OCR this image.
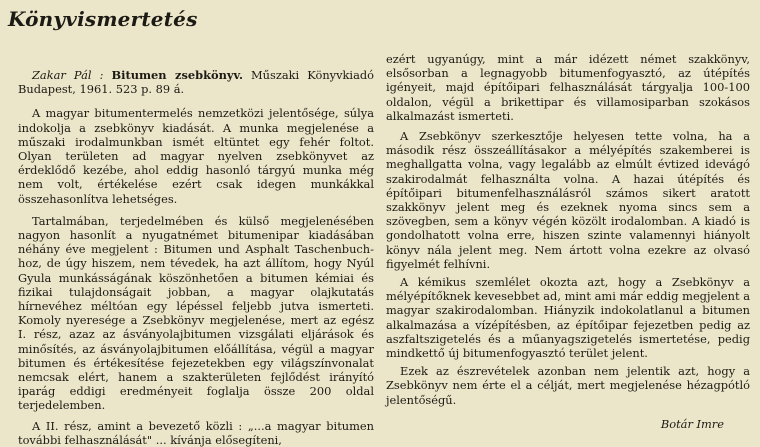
Könyvismertetés

Zakar Pál : Bitumen zsebkönyv. Műszaki Könyvkiadó Budapest, 1961. 523 p. 89 á.

A magyar bitumentermelés nemzetközi jelentősége, súlya indokolja a zsebkönyv kiadását. A munka megjelenése a műszaki irodalmunkban ismét eltüntet egy fehér foltot. Olyan területen ad magyar nyelven zsebkönyvet az érdeklődő kezébe, ahol eddig hasonló tárgyú munka még nem volt, értékelése ezért csak idegen munkákkal összehasonlítva lehetséges.

Tartalmában, terjedelmében és külső megjelenésében nagyon hasonlít a nyugatnémet bitumenipar kiadásában néhány éve megjelent : Bitumen und Asphalt Taschenbuch-hoz, de úgy hiszem, nem tévedek, ha azt állítom, hogy Nyúl Gyula munkásságának köszönhetően a bitumen kémiai és fizikai tulajdonságait jobban, a magyar olajkutatás hírnevéhez méltóan egy lépéssel feljebb jutva ismerteti. Komoly nyeresége a Zsebkönyv megjelenése, mert az egész I. rész, azaz az ásványolajbitumen vizsgálati eljárások és minősítés, az ásványolajbitumen előállítása, végül a magyar bitumen és értékesítése fejezetekben egy világszínvonalat nemcsak elért, hanem a szakterületen fejlődést irányító iparág eddigi eredményeit foglalja össze 200 oldal terjedelemben.

A II. rész, amint a bevezető közli : „...a magyar bitumen további felhasználását" ... kívánja elősegíteni,

ezért ugyanúgy, mint a már idézett német szakkönyv, elsősorban a legnagyobb bitumenfogyasztó, az útépítés igényeit, majd építőipari felhasználását tárgyalja 100-100 oldalon, végül a brikettipar és villamosiparban szokásos alkalmazást ismerteti.

A Zsebkönyv szerkesztője helyesen tette volna, ha a második rész összeállításakor a mélyépítés szakemberei is meghallgatta volna, vagy legalább az elmúlt évtized idevágó szakirodalmát felhasználta volna. A hazai útépítés és építőipari bitumenfelhasználásról számos sikert aratott szakkönyv jelent meg és ezeknek nyoma sincs sem a szövegben, sem a könyv végén közölt irodalomban. A kiadó is gondolhatott volna erre, hiszen szinte valamennyi hiányolt könyv nála jelent meg. Nem ártott volna ezekre az olvasó figyelmét felhívni.

A kémikus szemlélet okozta azt, hogy a Zsebkönyv a mélyépítőknek kevesebbet ad, mint ami már eddig megjelent a magyar szakirodalomban. Hiányzik indokolatlanul a bitumen alkalmazása a vízépítésben, az építőipar fejezetben pedig az aszfaltszigetelés és a műanyagszigetelés ismertetése, pedig mindkettő új bitumenfogyasztó terület jelent.

Ezek az észrevételek azonban nem jelentik azt, hogy a Zsebkönyv nem érte el a célját, mert megjelenése hézagpótló jelentőségű.

Botár Imre
